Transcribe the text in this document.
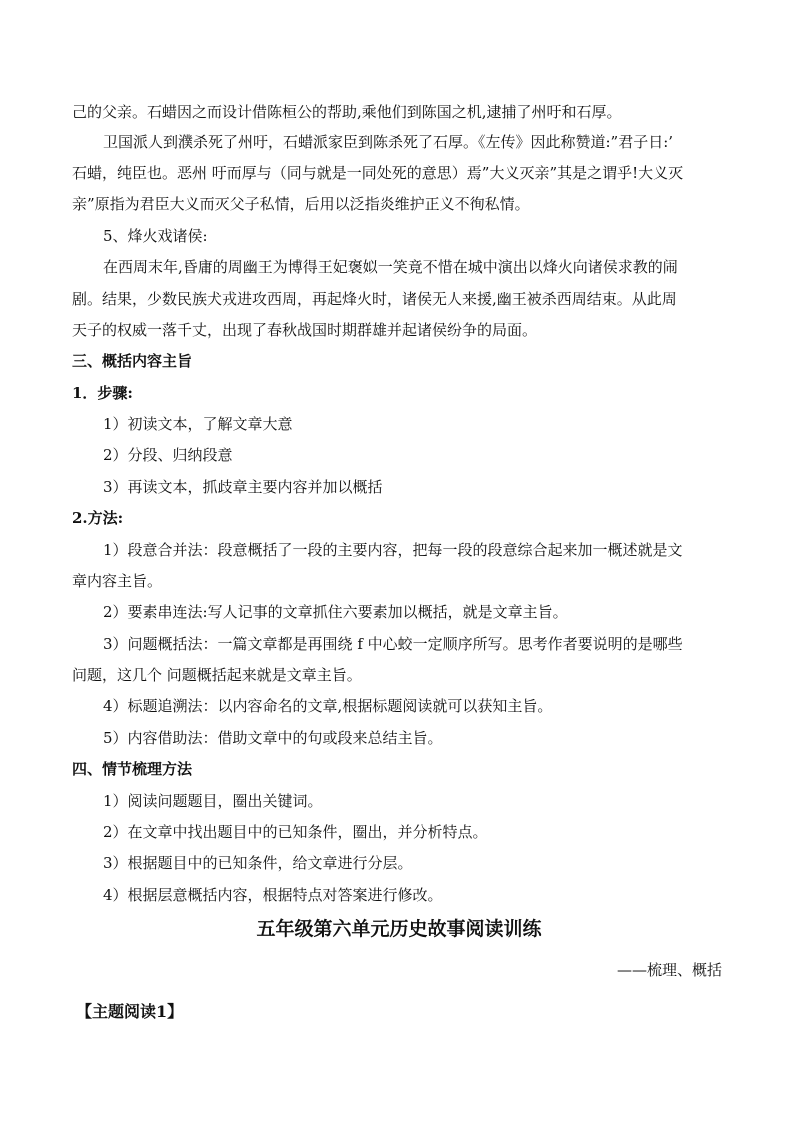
己的父亲。石蜡因之而设计借陈桓公的帮助,乘他们到陈国之机,逮捕了州吁和石厚。
卫国派人到濮杀死了州吁，石蜡派家臣到陈杀死了石厚。《左传》因此称赞道:”君子日:’
石蜡，纯臣也。恶州 吁而厚与（同与就是一同处死的意思）焉”大义灭亲”其是之谓乎!大义灭
亲”原指为君臣大义而灭父子私情，后用以泛指炎维护正义不徇私情。
5、烽火戏诸侯:
在西周末年,昏庸的周幽王为博得王妃褒姒一笑竟不惜在城中演出以烽火向诸侯求教的闹
剧。结果，少数民族犬戎进攻西周，再起烽火时，诸侯无人来援,幽王被杀西周结束。从此周
天子的权威一落千丈，出现了春秋战国时期群雄并起诸侯纷争的局面。
三、概括内容主旨
1．步骤:
1）初读文本，了解文章大意
2）分段、归纳段意
3）再读文本，抓歧章主要内容并加以概括
2.方法:
1）段意合并法：段意概括了一段的主要内容，把每一段的段意综合起来加一概述就是文
章内容主旨。
2）要素串连法:写人记事的文章抓住六要素加以概括，就是文章主旨。
3）问题概括法：一篇文章都是再围绕 f 中心蛟一定顺序所写。思考作者要说明的是哪些
问题，这几个 问题概括起来就是文章主旨。
4）标题追溯法：以内容命名的文章,根据标题阅读就可以获知主旨。
5）内容借助法：借助文章中的句或段来总结主旨。
四、情节梳理方法
1）阅读问题题目，圈出关键词。
2）在文章中找出题目中的已知条件，圈出，并分析特点。
3）根据题目中的已知条件，给文章进行分层。
4）根据层意概括内容，根据特点对答案进行修改。
五年级第六单元历史故事阅读训练
——梳理、概括
【主题阅读1】
